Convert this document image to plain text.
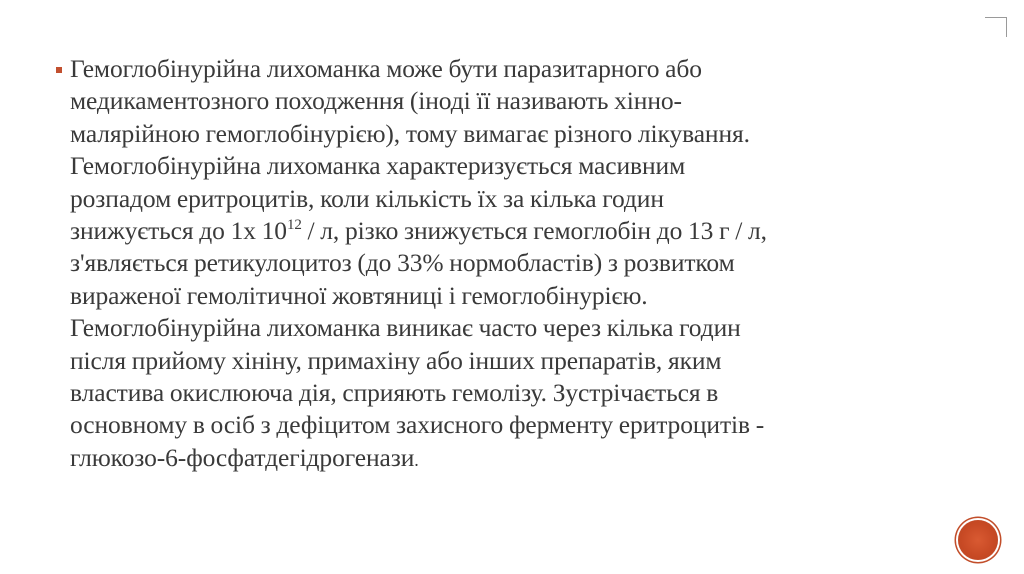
Гемоглобінурійна лихоманка може бути паразитарного або
медикаментозного походження (іноді її називають хінно-
малярійною гемоглобінурією), тому вимагає різного лікування.
Гемоглобінурійна лихоманка характеризується масивним
розпадом еритроцитів, коли кількість їх за кілька годин
знижується до 1х $10^{12}$ / л, різко знижується гемоглобін до 13 г / л,
з'являється ретикулоцитоз (до 33% нормобластів) з розвитком
вираженої гемолітичної жовтяниці і гемоглобінурією.
Гемоглобінурійна лихоманка виникає часто через кілька годин
після прийому хініну, примахіну або інших препаратів, яким
властива окислююча дія, сприяють гемолізу. Зустрічається в
основному в осіб з дефіцитом захисного ферменту еритроцитів -
глюкозо-6-фосфатдегідрогенази.
